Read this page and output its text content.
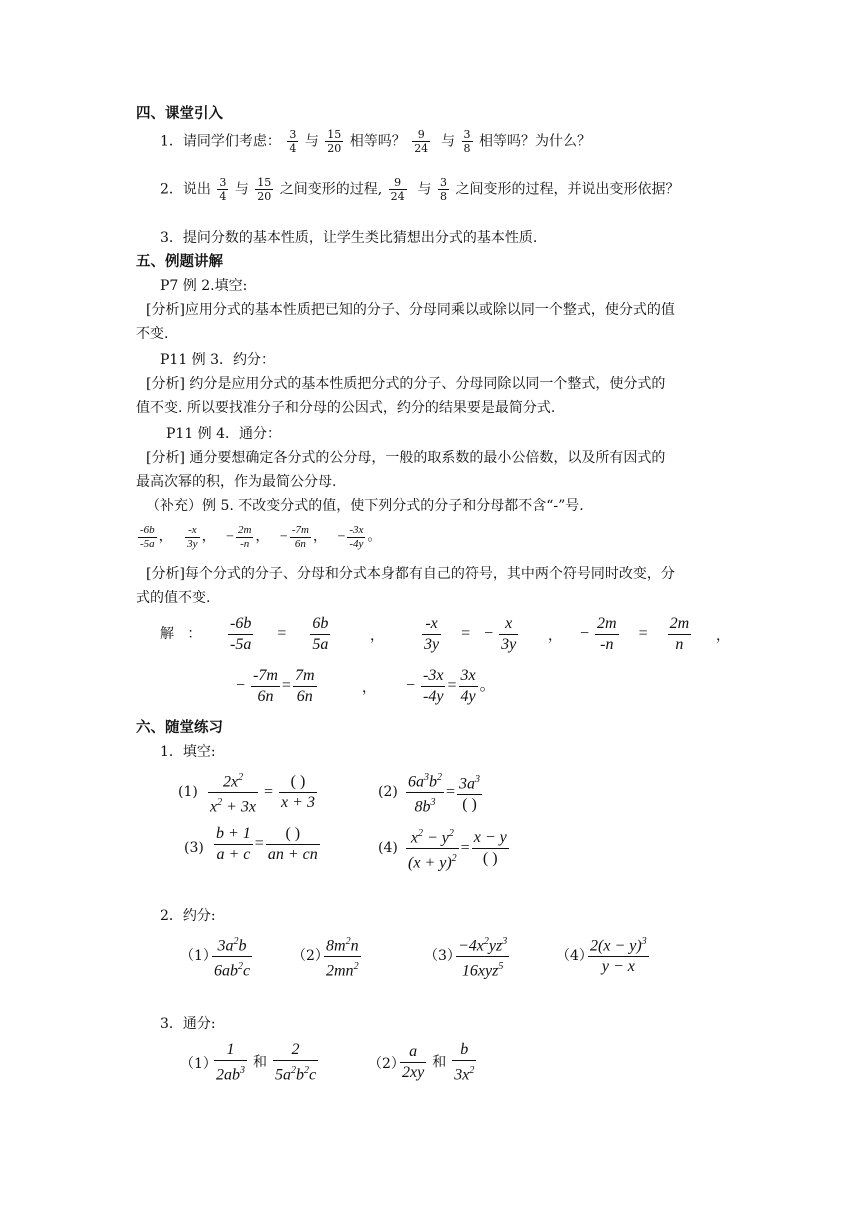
四、课堂引入
1．请同学们考虑： $\frac{3}{4}$ 与 $\frac{15}{20}$ 相等吗？ $\frac{9}{24}$ 与 $\frac{3}{8}$ 相等吗？为什么？
2．说出 $\frac{3}{4}$ 与 $\frac{15}{20}$ 之间变形的过程, $\frac{9}{24}$ 与 $\frac{3}{8}$ 之间变形的过程，并说出变形依据？
3．提问分数的基本性质，让学生类比猜想出分式的基本性质.
五、例题讲解
P7 例 2.填空:
[分析]应用分式的基本性质把已知的分子、分母同乘以或除以同一个整式，使分式的值
不变.
P11 例 3．约分：
[分析] 约分是应用分式的基本性质把分式的分子、分母同除以同一个整式，使分式的
值不变. 所以要找准分子和分母的公因式，约分的结果要是最简分式.
P11 例 4．通分：
[分析] 通分要想确定各分式的公分母，一般的取系数的最小公倍数，以及所有因式的
最高次幂的积，作为最简公分母.
（补充）例 5. 不改变分式的值，使下列分式的分子和分母都不含“-”号.
$\frac{-6b}{-5a}$ ， $\frac{-x}{3y}$ ， − $\frac{2m}{-n}$ ， − $\frac{-7m}{6n}$ ， − $\frac{-3x}{-4y}$ 。
[分析]每个分式的分子、分母和分式本身都有自己的符号，其中两个符号同时改变，分
式的值不变.
解 ： $\frac{-6b}{-5a} = \frac{6b}{5a}$	， $\frac{-x}{3y}$ = − $\frac{x}{3y}$ ， − $\frac{2m}{-n} = \frac{2m}{n}$ ，
− $\frac{-7m}{6n} = \frac{7m}{6n}$	， − $\frac{-3x}{-4y} = \frac{3x}{4y}$ 。
六、随堂练习
1．填空:
$(1) \frac{2x^2}{x^2 + 3x} = \frac{( )}{x + 3}$	$(2) \frac{6a^3b^2}{8b^3} = \frac{3a^3}{( )}$
$(3) \frac{b + 1}{a + c} = \frac{( )}{an + cn}$	$(4) \frac{x^2 - y^2}{(x + y)^2} = \frac{x - y}{( )}$
2．约分:
（1）
$\frac{3a^2b}{6ab^2c}$	（2）
$\frac{8m^2n}{2mn^2}$	（3）
$\frac{-4x^2yz^3}{16xyz^5}$	（4）
$\frac{2(x - y)^3}{y - x}$
3．通分:
（1）
$\frac{1}{2ab^3}$ 和 $\frac{2}{5a^2b^2c}$	（2）
$\frac{a}{2xy}$ 和 $\frac{b}{3x^2}$
